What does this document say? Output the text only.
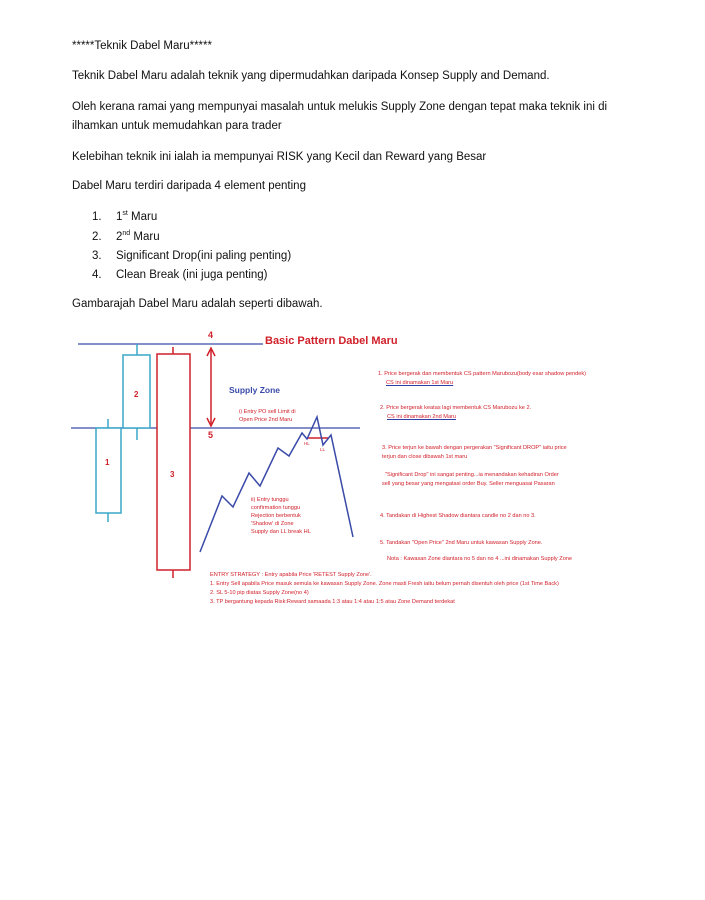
*****Teknik Dabel Maru*****
Teknik Dabel Maru adalah teknik yang dipermudahkan daripada Konsep Supply and Demand.
Oleh kerana ramai yang mempunyai masalah untuk melukis Supply Zone dengan tepat maka teknik ini di
ilhamkan untuk memudahkan para trader
Kelebihan teknik ini ialah ia mempunyai RISK yang Kecil dan Reward yang Besar
Dabel Maru terdiri daripada 4 element penting
1. 1st Maru
2. 2nd Maru
3. Significant Drop(ini paling penting)
4. Clean Break (ini juga penting)
Gambarajah Dabel Maru adalah seperti dibawah.
4
5
1
2
3
Basic Pattern Dabel Maru
Supply Zone
HL
LL
i) Entry PO sell Limit di
Open Price 2nd Maru
ii) Entry tunggu
confirmation tunggu
Rejection berbentuk
'Shadow' di Zone
Supply dan LL break HL
1. Price bergerak dan membentuk CS pattern Marubozu(body esar shadow pendek)
CS ini dinamakan 1st Maru
2. Price bergerak keatas lagi membentuk CS Marubozu ke 2.
CS ini dinamakan 2nd Maru
3. Price terjun ke bawah dengan pergerakan "Significant DROP" iaitu price
terjun dan close dibawah 1st maru
"Significant Drop" ini sangat penting...ia menandakan kehadiran Order
sell yang besar yang mengatasi order Buy. Seller menguasai Pasaran
4. Tandakan di Highest Shadow diantara candle no 2 dan no 3.
5. Tandakan "Open Price" 2nd Maru untuk kawasan Supply Zone.
Nota : Kawasan Zone diantara no 5 dan no 4 ...ini dinamakan Supply Zone
ENTRY STRATEGY : Entry apabila Price 'RETEST Supply Zone'.
1. Entry Sell apabila Price masuk semula ke kawasan Supply Zone. Zone masti Fresh iaitu belum pernah disentuh oleh price (1st Time Back)
2. SL 5-10 pip diatas Supply Zone(no 4)
3. TP bergantung kepada Risk:Reward samaada 1:3 atau 1:4 atau 1:5 atau Zone Demand terdekat
